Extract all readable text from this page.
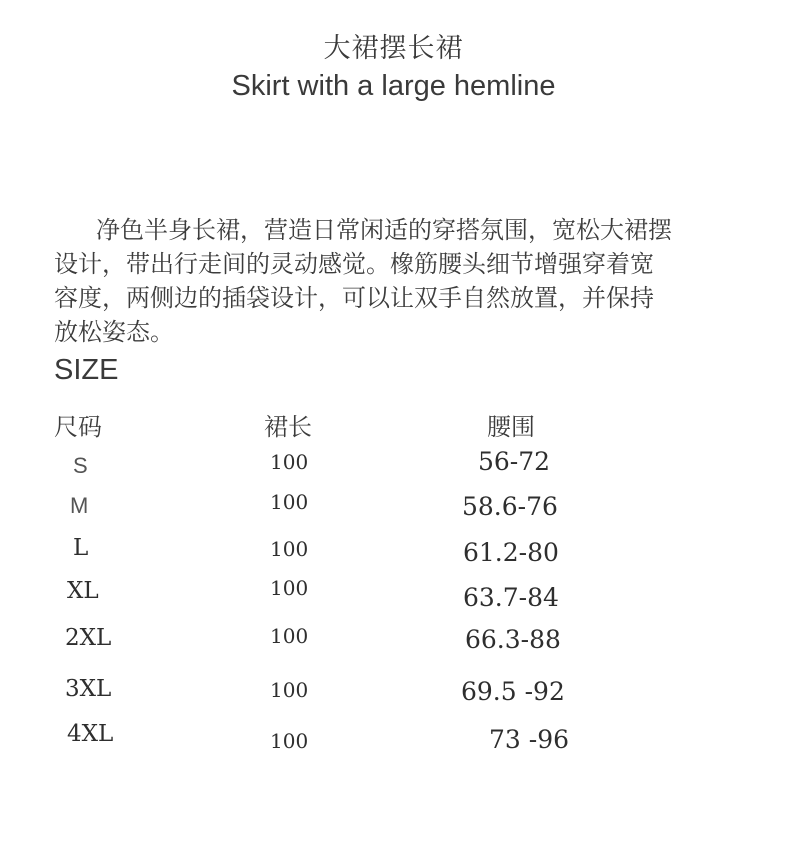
大裙摆长裙
Skirt with a large hemline
净色半身长裙，营造日常闲适的穿搭氛围，宽松大裙摆
设计，带出行走间的灵动感觉。橡筋腰头细节增强穿着宽
容度，两侧边的插袋设计，可以让双手自然放置，并保持
放松姿态。
SIZE
尺码	裙长	腰围
S	100	56-72
M	100	58.6-76
L	100	61.2-80
XL	100	63.7-84
2XL	100	66.3-88
3XL	100	69.5 -92
4XL	100	73 -96
